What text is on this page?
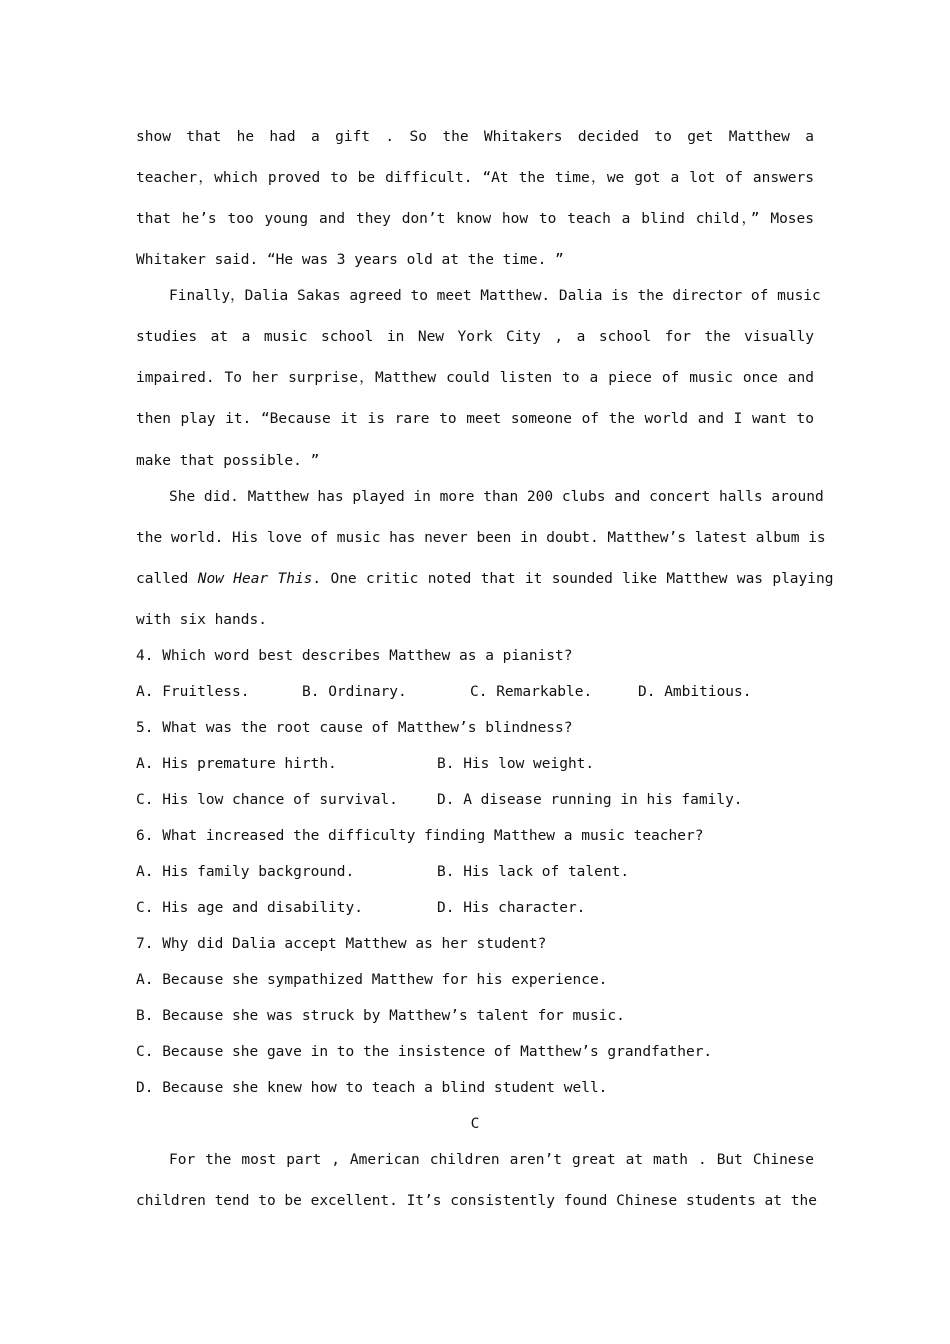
show that he had a gift . So the Whitakers decided to get Matthew a
teacher，which proved to be difficult. “At the time，we got a lot of answers
that he’s too young and they don’t know how to teach a blind child，” Moses
Whitaker said. “He was 3 years old at the time. ”
Finally，Dalia Sakas agreed to meet Matthew. Dalia is the director of music
studies at a music school in New York City , a school for the visually
impaired. To her surprise，Matthew could listen to a piece of music once and
then play it. “Because it is rare to meet someone of the world and I want to
make that possible. ”
She did. Matthew has played in more than 200 clubs and concert halls around
the world. His love of music has never been in doubt. Matthew’s latest album is
called Now Hear This. One critic noted that it sounded like Matthew was playing
with six hands.
4. Which word best describes Matthew as a pianist?
A. Fruitless.	B. Ordinary.	C. Remarkable.	D. Ambitious.
5. What was the root cause of Matthew’s blindness?
A. His premature hirth.	B. His low weight.
C. His low chance of survival.	D. A disease running in his family.
6. What increased the difficulty finding Matthew a music teacher?
A. His family background.	B. His lack of talent.
C. His age and disability.	D. His character.
7. Why did Dalia accept Matthew as her student?
A. Because she sympathized Matthew for his experience.
B. Because she was struck by Matthew’s talent for music.
C. Because she gave in to the insistence of Matthew’s grandfather.
D. Because she knew how to teach a blind student well.
C
For the most part , American children aren’t great at math . But Chinese
children tend to be excellent. It’s consistently found Chinese students at the
